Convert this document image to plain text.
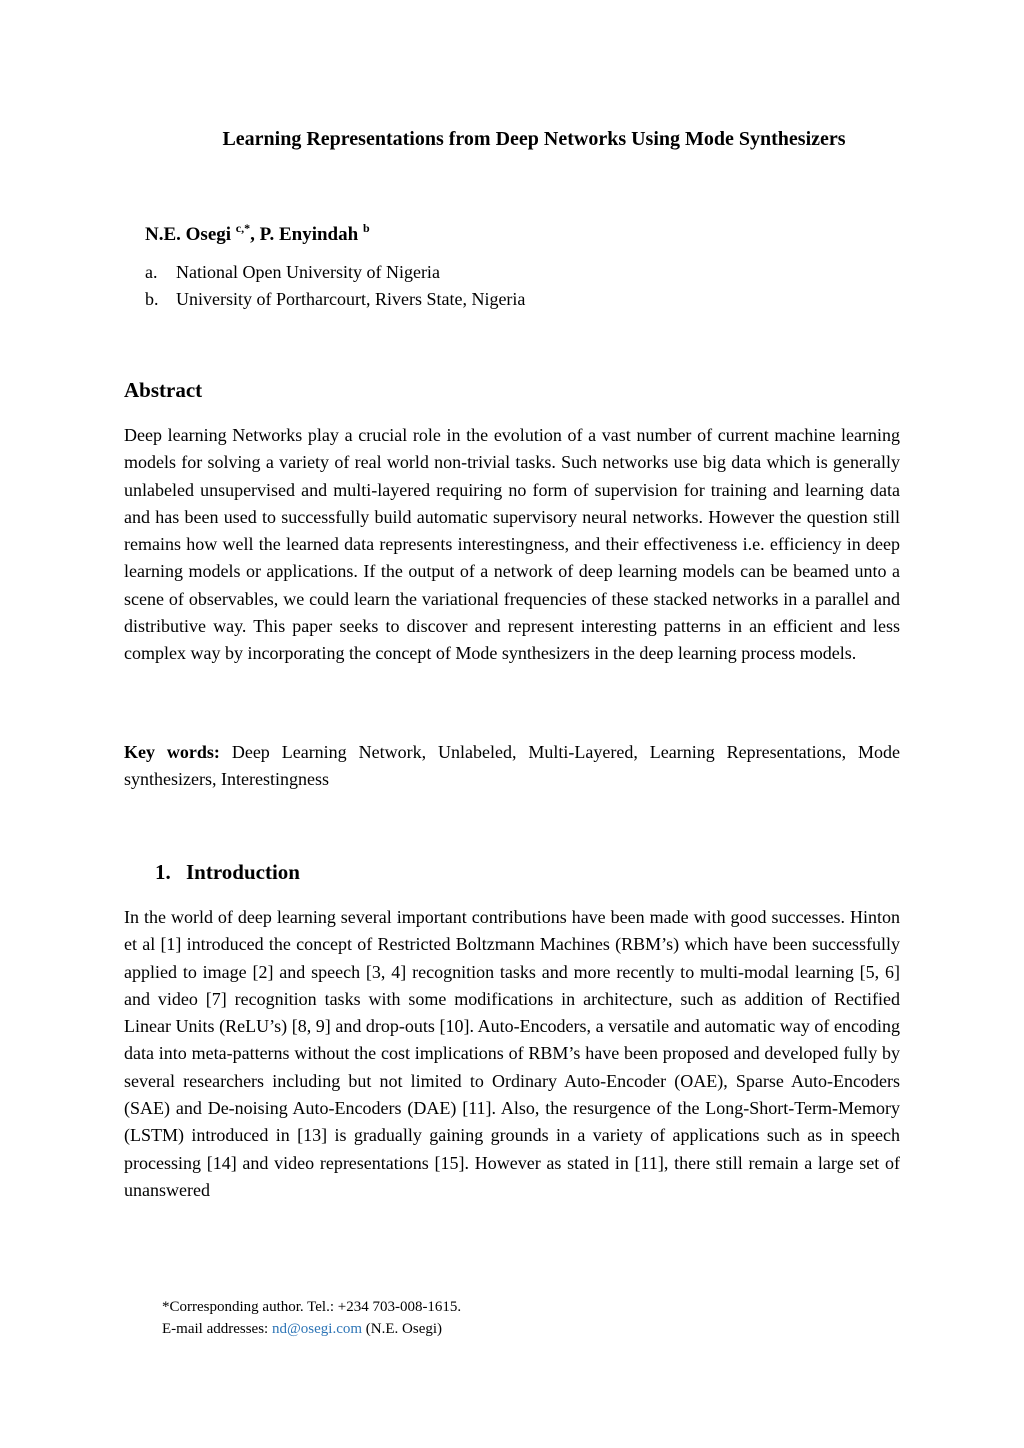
Learning Representations from Deep Networks Using Mode Synthesizers
N.E. Osegi $^{c,*}$, P. Enyindah $^b$
a.	National Open University of Nigeria
b. University of Portharcourt, Rivers State, Nigeria
Abstract

Deep learning Networks play a crucial role in the evolution of a vast number of current machine learning models for solving a variety of real world non-trivial tasks. Such networks use big data which is generally unlabeled unsupervised and multi-layered requiring no form of supervision for training and learning data and has been used to successfully build automatic supervisory neural networks. However the question still remains how well the learned data represents interestingness, and their effectiveness i.e. efficiency in deep learning models or applications. If the output of a network of deep learning models can be beamed unto a scene of observables, we could learn the variational frequencies of these stacked networks in a parallel and distributive way. This paper seeks to discover and represent interesting patterns in an efficient and less complex way by incorporating the concept of Mode synthesizers in the deep learning process models.

Key words: Deep Learning Network, Unlabeled, Multi-Layered, Learning Representations, Mode synthesizers, Interestingness

1. Introduction

In the world of deep learning several important contributions have been made with good successes. Hinton et al [1] introduced the concept of Restricted Boltzmann Machines (RBM’s) which have been successfully applied to image [2] and speech [3, 4] recognition tasks and more recently to multi-modal learning [5, 6] and video [7] recognition tasks with some modifications in architecture, such as addition of Rectified Linear Units (ReLU’s) [8, 9] and drop-outs [10]. Auto-Encoders, a versatile and automatic way of encoding data into meta-patterns without the cost implications of RBM’s have been proposed and developed fully by several researchers including but not limited to Ordinary Auto-Encoder (OAE), Sparse Auto-Encoders (SAE) and De-noising Auto-Encoders (DAE) [11]. Also, the resurgence of the Long-Short-Term-Memory (LSTM) introduced in [13] is gradually gaining grounds in a variety of applications such as in speech processing [14] and video representations [15]. However as stated in [11], there still remain a large set of unanswered

*Corresponding author. Tel.: +234 703-008-1615.
E-mail addresses: nd@osegi.com (N.E. Osegi)
